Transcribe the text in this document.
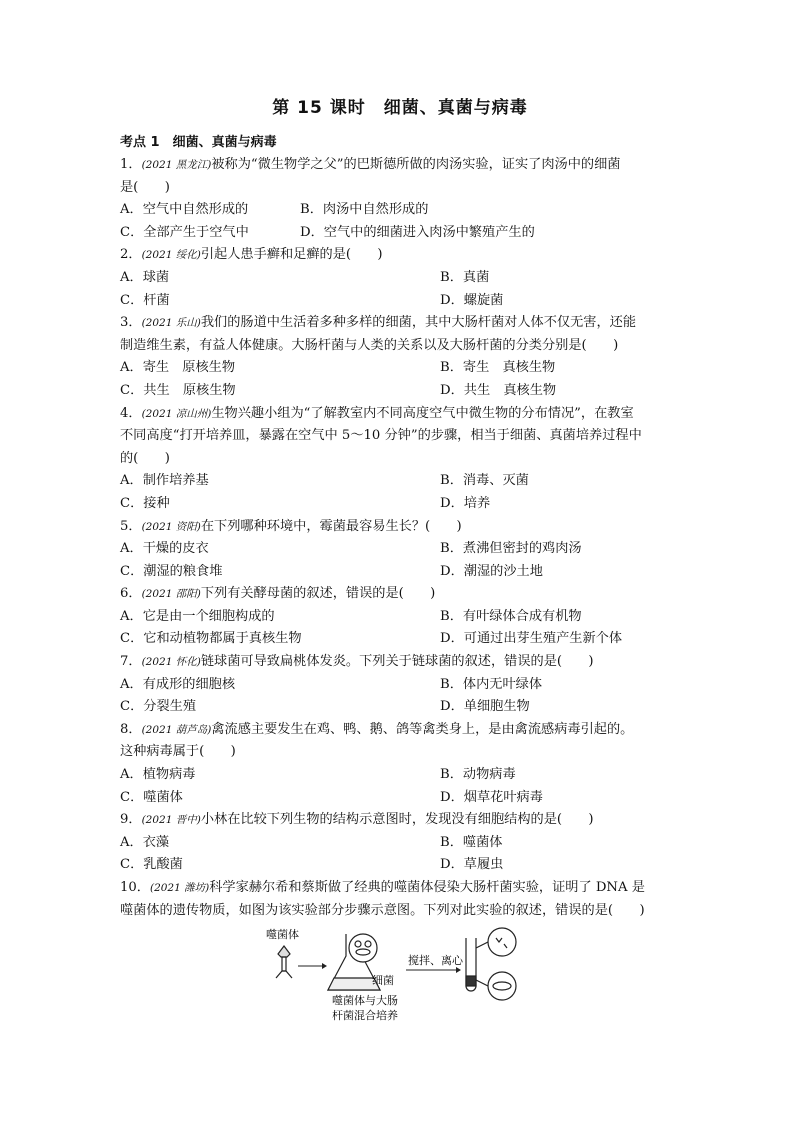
第 15 课时　细菌、真菌与病毒
考点 1　细菌、真菌与病毒
1．(2021 黑龙江)被称为“微生物学之父”的巴斯德所做的肉汤实验，证实了肉汤中的细菌
是(　　)
A．空气中自然形成的	B．肉汤中自然形成的
C．全部产生于空气中	D．空气中的细菌进入肉汤中繁殖产生的
2．(2021 绥化)引起人患手癣和足癣的是(　　)
A．球菌	B．真菌
C．杆菌	D．螺旋菌
3．(2021 乐山)我们的肠道中生活着多种多样的细菌，其中大肠杆菌对人体不仅无害，还能
制造维生素，有益人体健康。大肠杆菌与人类的关系以及大肠杆菌的分类分别是(　　)
A．寄生　原核生物	B．寄生　真核生物
C．共生　原核生物	D．共生　真核生物
4．(2021 凉山州)生物兴趣小组为“了解教室内不同高度空气中微生物的分布情况”，在教室
不同高度“打开培养皿，暴露在空气中 5～10 分钟”的步骤，相当于细菌、真菌培养过程中
的(　　)
A．制作培养基	B．消毒、灭菌
C．接种	D．培养
5．(2021 资阳)在下列哪种环境中，霉菌最容易生长？(　　)
A．干燥的皮衣	B．煮沸但密封的鸡肉汤
C．潮湿的粮食堆	D．潮湿的沙土地
6．(2021 邵阳)下列有关酵母菌的叙述，错误的是(　　)
A．它是由一个细胞构成的	B．有叶绿体合成有机物
C．它和动植物都属于真核生物	D．可通过出芽生殖产生新个体
7．(2021 怀化)链球菌可导致扁桃体发炎。下列关于链球菌的叙述，错误的是(　　)
A．有成形的细胞核	B．体内无叶绿体
C．分裂生殖	D．单细胞生物
8．(2021 葫芦岛)禽流感主要发生在鸡、鸭、鹅、鸽等禽类身上，是由禽流感病毒引起的。
这种病毒属于(　　)
A．植物病毒	B．动物病毒
C．噬菌体	D．烟草花叶病毒
9．(2021 晋中)小林在比较下列生物的结构示意图时，发现没有细胞结构的是(　　)
A．衣藻	B．噬菌体
C．乳酸菌	D．草履虫
10．(2021 潍坊)科学家赫尔希和蔡斯做了经典的噬菌体侵染大肠杆菌实验，证明了 DNA 是
噬菌体的遗传物质，如图为该实验部分步骤示意图。下列对此实验的叙述，错误的是(　　)
噬菌体
细菌
噬菌体与大肠
杆菌混合培养
搅拌、离心
